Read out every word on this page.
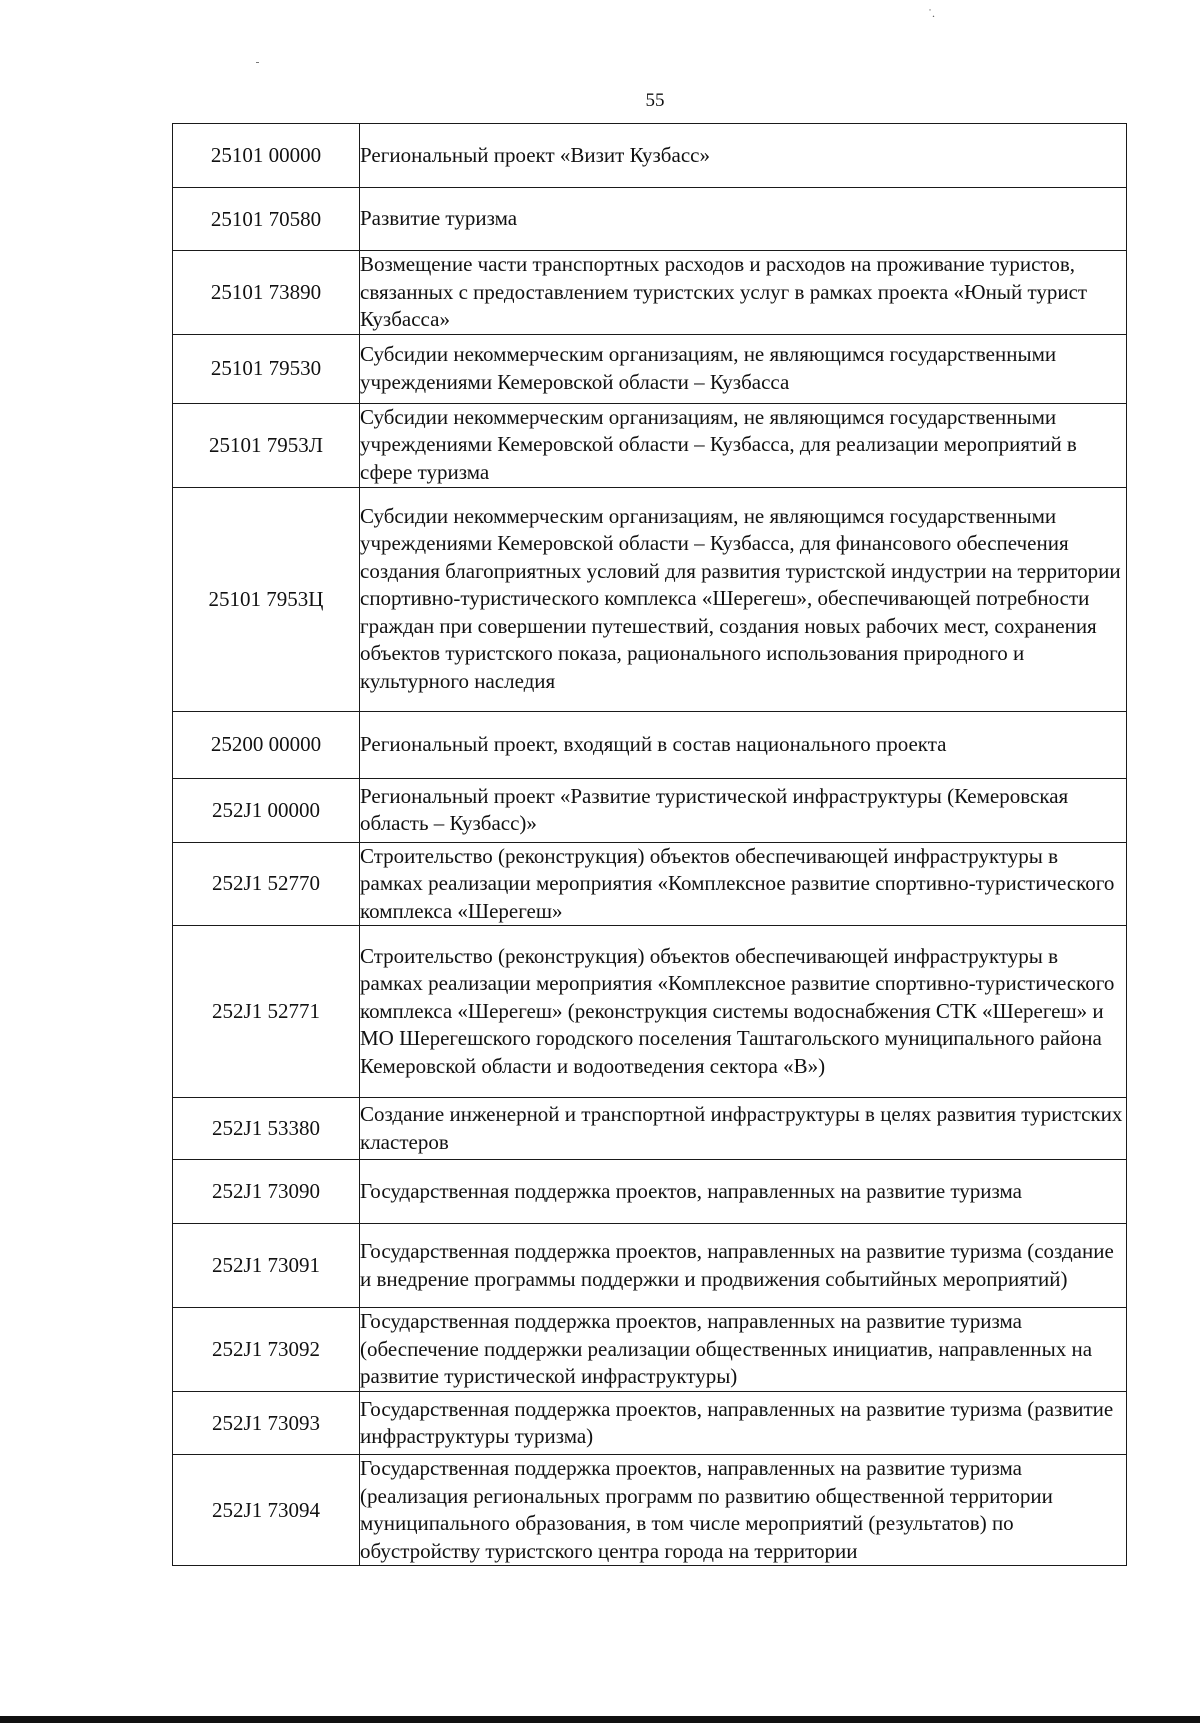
˙.
55
25101 00000	Региональный проект «Визит Кузбасс»
25101 70580	Развитие туризма
25101 73890	Возмещение части транспортных расходов и расходов на проживание туристов, связанных с предоставлением туристских услуг в рамках проекта «Юный турист Кузбасса»
25101 79530	Субсидии некоммерческим организациям, не являющимся государственными учреждениями Кемеровской области – Кузбасса
25101 7953Л	Субсидии некоммерческим организациям, не являющимся государственными учреждениями Кемеровской области – Кузбасса, для реализации мероприятий в сфере туризма
25101 7953Ц	Субсидии некоммерческим организациям, не являющимся государственными учреждениями Кемеровской области – Кузбасса, для финансового обеспечения создания благоприятных условий для развития туристской индустрии на территории спортивно-туристического комплекса «Шерегеш», обеспечивающей потребности граждан при совершении путешествий, создания новых рабочих мест, сохранения объектов туристского показа, рационального использования природного и культурного наследия
25200 00000	Региональный проект, входящий в состав национального проекта
252J1 00000	Региональный проект «Развитие туристической инфраструктуры (Кемеровская область – Кузбасс)»
252J1 52770	Строительство (реконструкция) объектов обеспечивающей инфраструктуры в рамках реализации мероприятия «Комплексное развитие спортивно-туристического комплекса «Шерегеш»
252J1 52771	Строительство (реконструкция) объектов обеспечивающей инфраструктуры в рамках реализации мероприятия «Комплексное развитие спортивно-туристического комплекса «Шерегеш» (реконструкция системы водоснабжения СТК «Шерегеш» и МО Шерегешского городского поселения Таштагольского муниципального района Кемеровской области и водоотведения сектора «В»)
252J1 53380	Создание инженерной и транспортной инфраструктуры в целях развития туристских кластеров
252J1 73090	Государственная поддержка проектов, направленных на развитие туризма
252J1 73091	Государственная поддержка проектов, направленных на развитие туризма (создание и внедрение программы поддержки и продвижения событийных мероприятий)
252J1 73092	Государственная поддержка проектов, направленных на развитие туризма (обеспечение поддержки реализации общественных инициатив, направленных на развитие туристической инфраструктуры)
252J1 73093	Государственная поддержка проектов, направленных на развитие туризма (развитие инфраструктуры туризма)
252J1 73094	Государственная поддержка проектов, направленных на развитие туризма (реализация региональных программ по развитию общественной территории муниципального образования, в том числе мероприятий (результатов) по обустройству туристского центра города на территории
